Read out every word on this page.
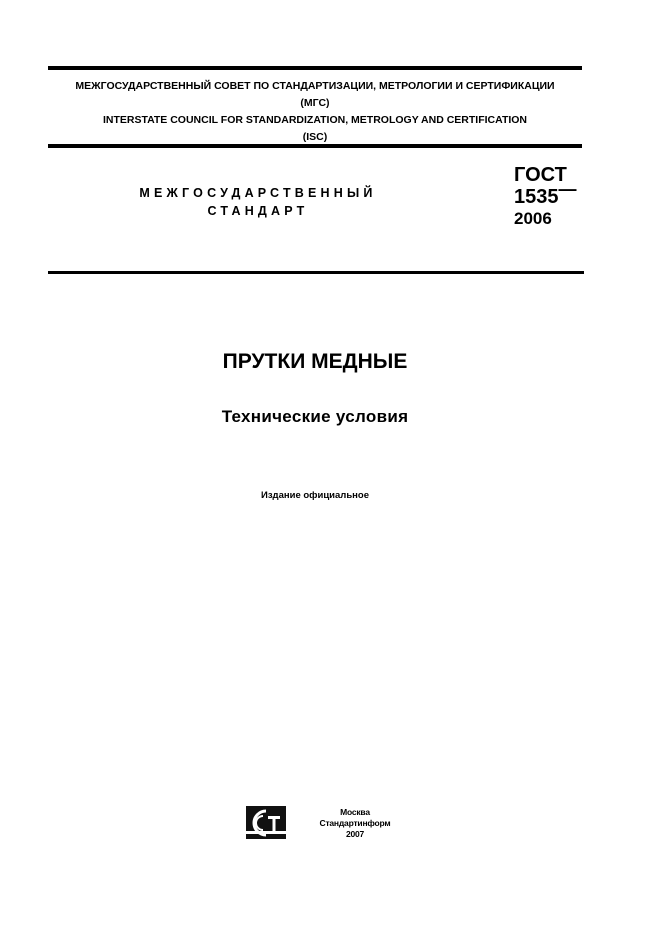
МЕЖГОСУДАРСТВЕННЫЙ СОВЕТ ПО СТАНДАРТИЗАЦИИ, МЕТРОЛОГИИ И СЕРТИФИКАЦИИ
(МГС)
INTERSTATE COUNCIL FOR STANDARDIZATION, METROLOGY AND CERTIFICATION
(ISC)
МЕЖГОСУДАРСТВЕННЫЙ
СТАНДАРТ
ГОСТ
1535—
2006
ПРУТКИ МЕДНЫЕ
Технические условия
Издание официальное
Москва
Стандартинформ
2007
